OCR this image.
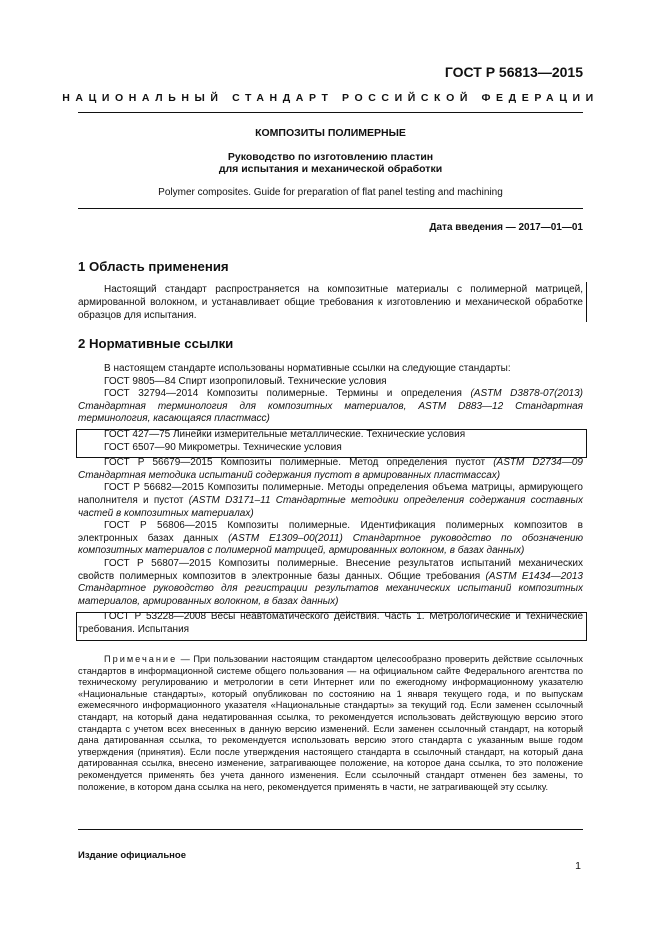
ГОСТ Р 56813—2015
НАЦИОНАЛЬНЫЙ СТАНДАРТ РОССИЙСКОЙ ФЕДЕРАЦИИ
КОМПОЗИТЫ ПОЛИМЕРНЫЕ
Руководство по изготовлению пластин
для испытания и механической обработки
Polymer composites. Guide for preparation of flat panel testing and machining
Дата введения — 2017—01—01
1 Область применения

Настоящий стандарт распространяется на композитные материалы с полимерной матрицей, армированной волокном, и устанавливает общие требования к изготовлению и механической обработке образцов для испытания.

2 Нормативные ссылки

В настоящем стандарте использованы нормативные ссылки на следующие стандарты:

ГОСТ 9805—84 Спирт изопропиловый. Технические условия

ГОСТ 32794—2014 Композиты полимерные. Термины и определения (ASTM D3878-07(2013) Стандартная терминология для композитных материалов, ASTM D883—12 Стандартная терминология, касающаяся пластмасс)

ГОСТ 427—75 Линейки измерительные металлические. Технические условия

ГОСТ 6507—90 Микрометры. Технические условия

ГОСТ Р 56679—2015 Композиты полимерные. Метод определения пустот (ASTM D2734—09 Стандартная методика испытаний содержания пустот в армированных пластмассах)

ГОСТ Р 56682—2015 Композиты полимерные. Методы определения объема матрицы, армирующего наполнителя и пустот (ASTM D3171–11 Стандартные методики определения содержания составных частей в композитных материалах)

ГОСТ Р 56806—2015 Композиты полимерные. Идентификация полимерных композитов в электронных базах данных (ASTM E1309–00(2011) Стандартное руководство по обозначению композитных материалов с полимерной матрицей, армированных волокном, в базах данных)

ГОСТ Р 56807—2015 Композиты полимерные. Внесение результатов испытаний механических свойств полимерных композитов в электронные базы данных. Общие требования (ASTM E1434—2013 Стандартное руководство для регистрации результатов механических испытаний композитных материалов, армированных волокном, в базах данных)

ГОСТ Р 53228—2008 Весы неавтоматического действия. Часть 1. Метрологические и технические требования. Испытания

Примечание — При пользовании настоящим стандартом целесообразно проверить действие ссылочных стандартов в информационной системе общего пользования — на официальном сайте Федерального агентства по техническому регулированию и метрологии в сети Интернет или по ежегодному информационному указателю «Национальные стандарты», который опубликован по состоянию на 1 января текущего года, и по выпускам ежемесячного информационного указателя «Национальные стандарты» за текущий год. Если заменен ссылочный стандарт, на который дана недатированная ссылка, то рекомендуется использовать действующую версию этого стандарта с учетом всех внесенных в данную версию изменений. Если заменен ссылочный стандарт, на который дана датированная ссылка, то рекомендуется использовать версию этого стандарта с указанным выше годом утверждения (принятия). Если после утверждения настоящего стандарта в ссылочный стандарт, на который дана датированная ссылка, внесено изменение, затрагивающее положение, на которое дана ссылка, то это положение рекомендуется применять без учета данного изменения. Если ссылочный стандарт отменен без замены, то положение, в котором дана ссылка на него, рекомендуется применять в части, не затрагивающей эту ссылку.

Издание официальное
1
